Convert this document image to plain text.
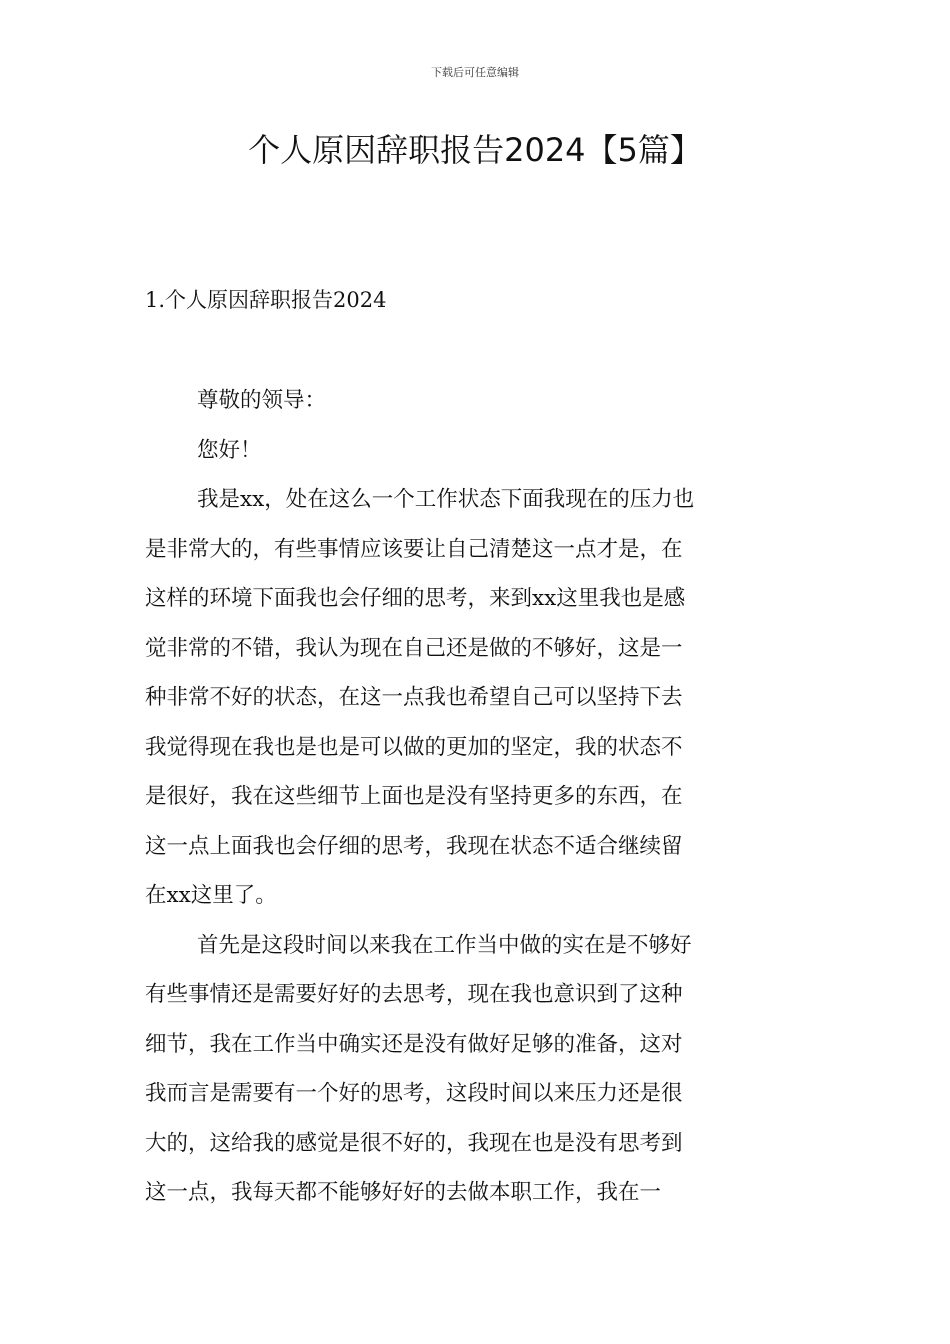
下载后可任意编辑
个人原因辞职报告2024【5篇】
1.个人原因辞职报告2024
尊敬的领导：
您好！
我是xx，处在这么一个工作状态下面我现在的压力也
是非常大的，有些事情应该要让自己清楚这一点才是，在
这样的环境下面我也会仔细的思考，来到xx这里我也是感
觉非常的不错，我认为现在自己还是做的不够好，这是一
种非常不好的状态，在这一点我也希望自己可以坚持下去
我觉得现在我也是也是可以做的更加的坚定，我的状态不
是很好，我在这些细节上面也是没有坚持更多的东西，在
这一点上面我也会仔细的思考，我现在状态不适合继续留
在xx这里了。
首先是这段时间以来我在工作当中做的实在是不够好
有些事情还是需要好好的去思考，现在我也意识到了这种
细节，我在工作当中确实还是没有做好足够的准备，这对
我而言是需要有一个好的思考，这段时间以来压力还是很
大的，这给我的感觉是很不好的，我现在也是没有思考到
这一点，我每天都不能够好好的去做本职工作，我在一
